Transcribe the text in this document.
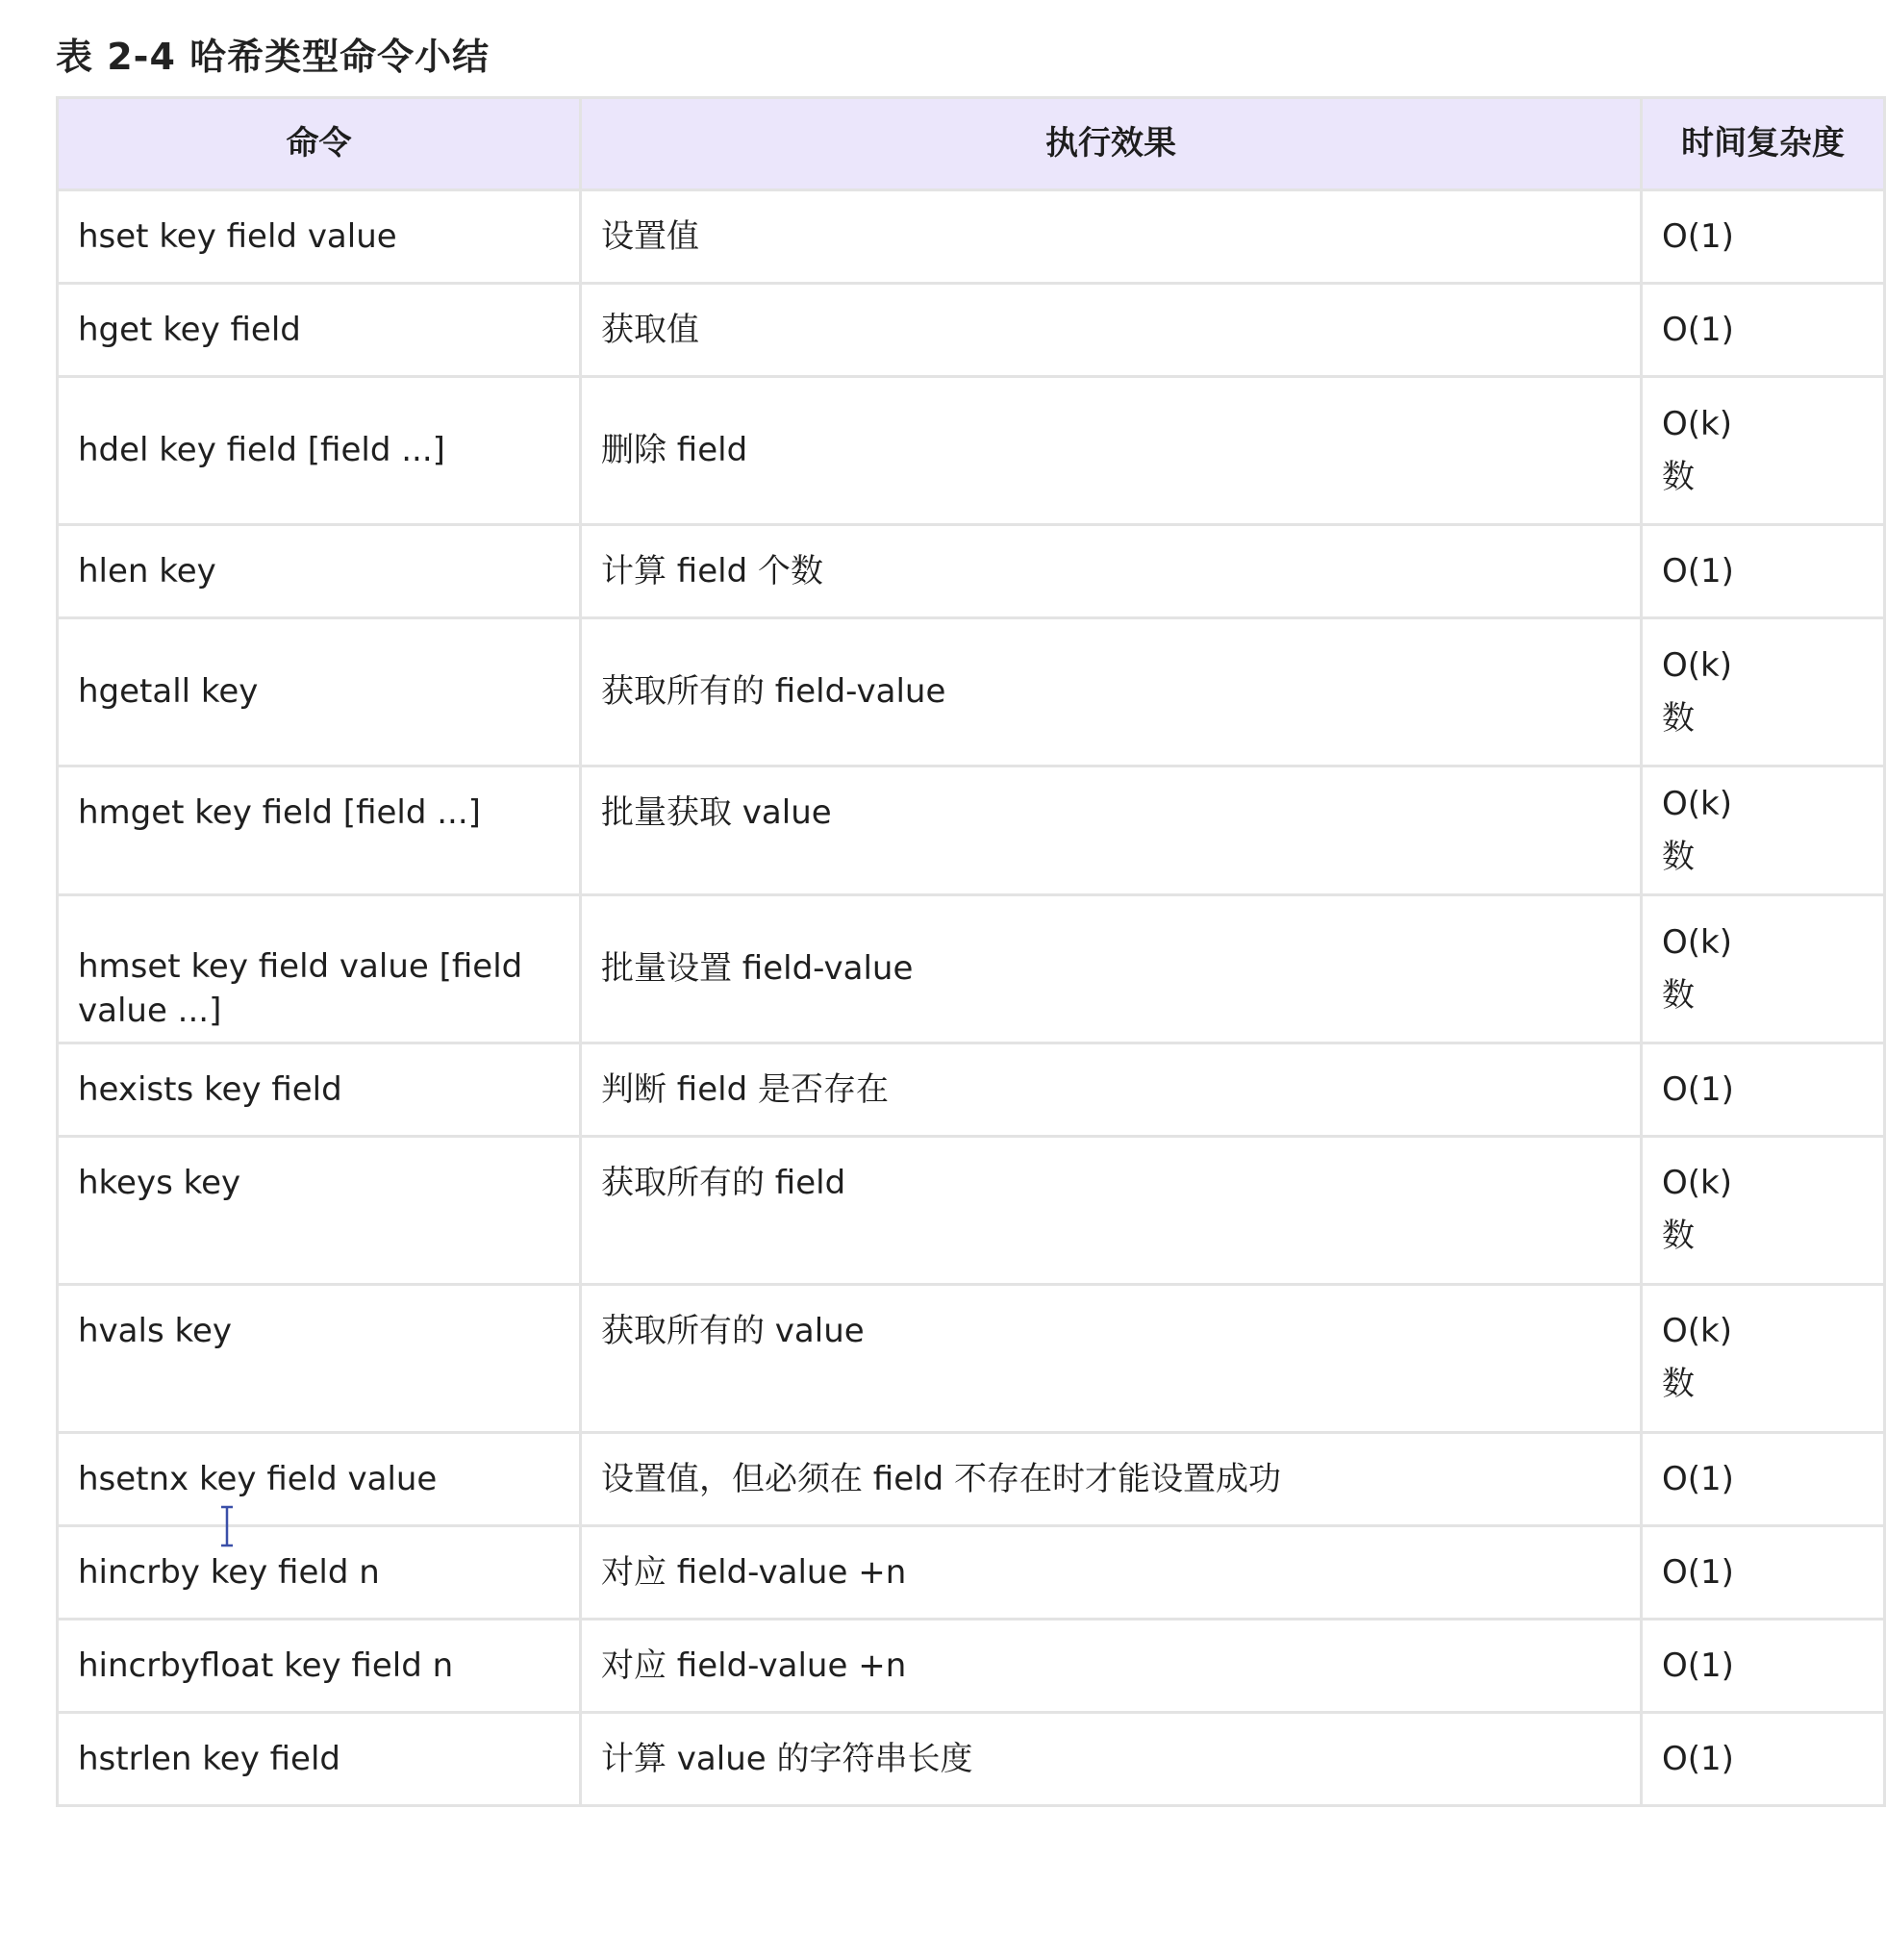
表 2-4 哈希类型命令小结
命令	执行效果	时间复杂度
hset key field value	设置值	O(1)
hget key field	获取值	O(1)
hdel key field [field ...]	删除 field	O(k)
数
hlen key	计算 field 个数	O(1)
hgetall key	获取所有的 field-value	O(k)
数
hmget key field [field ...]	批量获取 value	O(k)
数
hmset key field value [field value ...]	批量设置 field-value	O(k)
数
hexists key field	判断 field 是否存在	O(1)
hkeys key	获取所有的 field	O(k)
数
hvals key	获取所有的 value	O(k)
数
hsetnx key field value	设置值，但必须在 field 不存在时才能设置成功	O(1)
hincrby key field n	对应 field-value +n	O(1)
hincrbyfloat key field n	对应 field-value +n	O(1)
hstrlen key field	计算 value 的字符串长度	O(1)
